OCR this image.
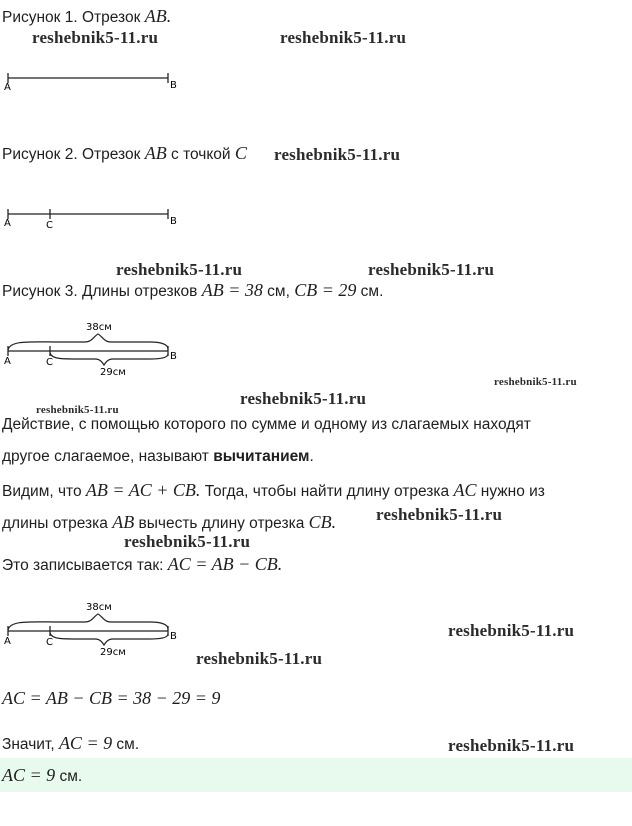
Рисунок 1. Отрезок AB.
reshebnik5-11.ru	reshebnik5-11.ru
A	B
Рисунок 2. Отрезок AB с точкой C reshebnik5-11.ru
A	C	B
reshebnik5-11.ru	reshebnik5-11.ru
Рисунок 3. Длины отрезков AB = 38 см, CB = 29 см.
38см
A	C
B
29см
reshebnik5-11.ru
reshebnik5-11.ru
reshebnik5-11.ru
Действие, с помощью которого по сумме и одному из слагаемых находят
другое слагаемое, называют вычитанием.
Видим, что AB = AC + CB. Тогда, чтобы найти длину отрезка AC нужно из
длины отрезка AB вычесть длину отрезка CB. reshebnik5-11.ru
reshebnik5-11.ru
Это записывается так: AC = AB − CB.
38см
A	C
B
29см
reshebnik5-11.ru
reshebnik5-11.ru
AC = AB − CB = 38 − 29 = 9
Значит, AC = 9 см.	reshebnik5-11.ru
AC = 9 см.
